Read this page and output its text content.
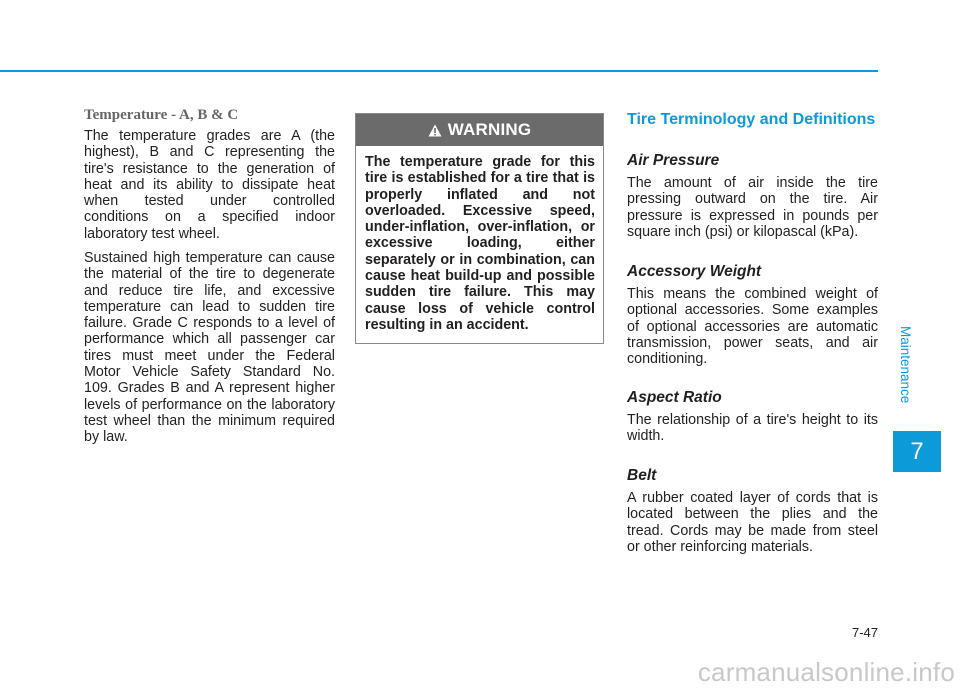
Temperature - A, B & C

The temperature grades are A (the highest), B and C representing the tire's resistance to the generation of heat and its ability to dissipate heat when tested under controlled conditions on a specified indoor laboratory test wheel.

Sustained high temperature can cause the material of the tire to degenerate and reduce tire life, and excessive temperature can lead to sudden tire failure. Grade C responds to a level of performance which all passenger car tires must meet under the Federal Motor Vehicle Safety Standard No. 109. Grades B and A represent higher levels of performance on the laboratory test wheel than the minimum required by law.

WARNING

The temperature grade for this tire is established for a tire that is properly inflated and not overloaded. Excessive speed, under-inflation, over-inflation, or excessive loading, either separately or in combination, can cause heat build-up and possible sudden tire failure. This may cause loss of vehicle control resulting in an accident.

Tire Terminology and Definitions
Air Pressure

The amount of air inside the tire pressing outward on the tire. Air pressure is expressed in pounds per square inch (psi) or kilopascal (kPa).

Accessory Weight

This means the combined weight of optional accessories. Some examples of optional accessories are automatic transmission, power seats, and air conditioning.

Aspect Ratio

The relationship of a tire's height to its width.

Belt

A rubber coated layer of cords that is located between the plies and the tread. Cords may be made from steel or other reinforcing materials.

Maintenance
7
7-47
carmanualsonline.info
